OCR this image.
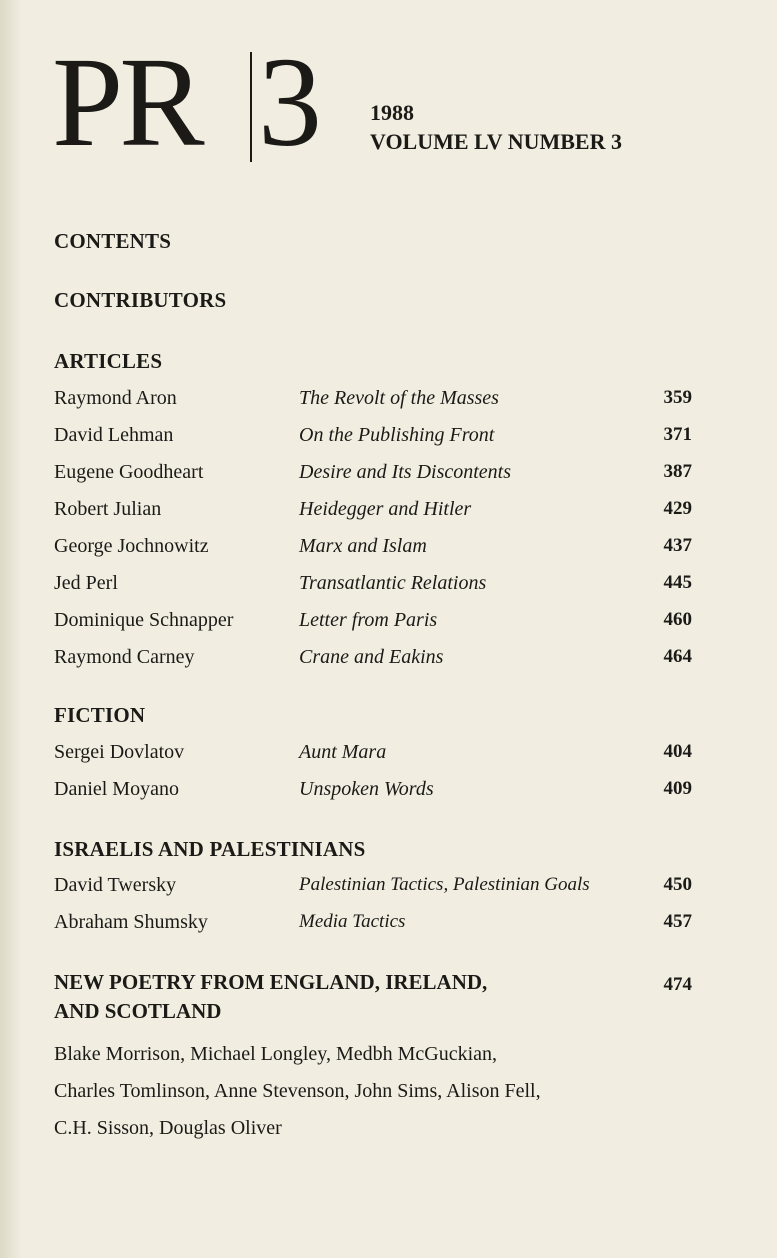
PR 3 1988
VOLUME LV NUMBER 3
CONTENTS
CONTRIBUTORS
ARTICLES
Raymond Aron	The Revolt of the Masses	359
David Lehman	On the Publishing Front	371
Eugene Goodheart	Desire and Its Discontents	387
Robert Julian	Heidegger and Hitler	429
George Jochnowitz	Marx and Islam	437
Jed Perl	Transatlantic Relations	445
Dominique Schnapper	Letter from Paris	460
Raymond Carney	Crane and Eakins	464
FICTION
Sergei Dovlatov	Aunt Mara	404
Daniel Moyano	Unspoken Words	409
ISRAELIS AND PALESTINIANS
David Twersky	Palestinian Tactics, Palestinian Goals	450
Abraham Shumsky	Media Tactics	457
NEW POETRY FROM ENGLAND, IRELAND,
AND SCOTLAND
474
Blake Morrison, Michael Longley, Medbh McGuckian,
Charles Tomlinson, Anne Stevenson, John Sims, Alison Fell,
C.H. Sisson, Douglas Oliver
